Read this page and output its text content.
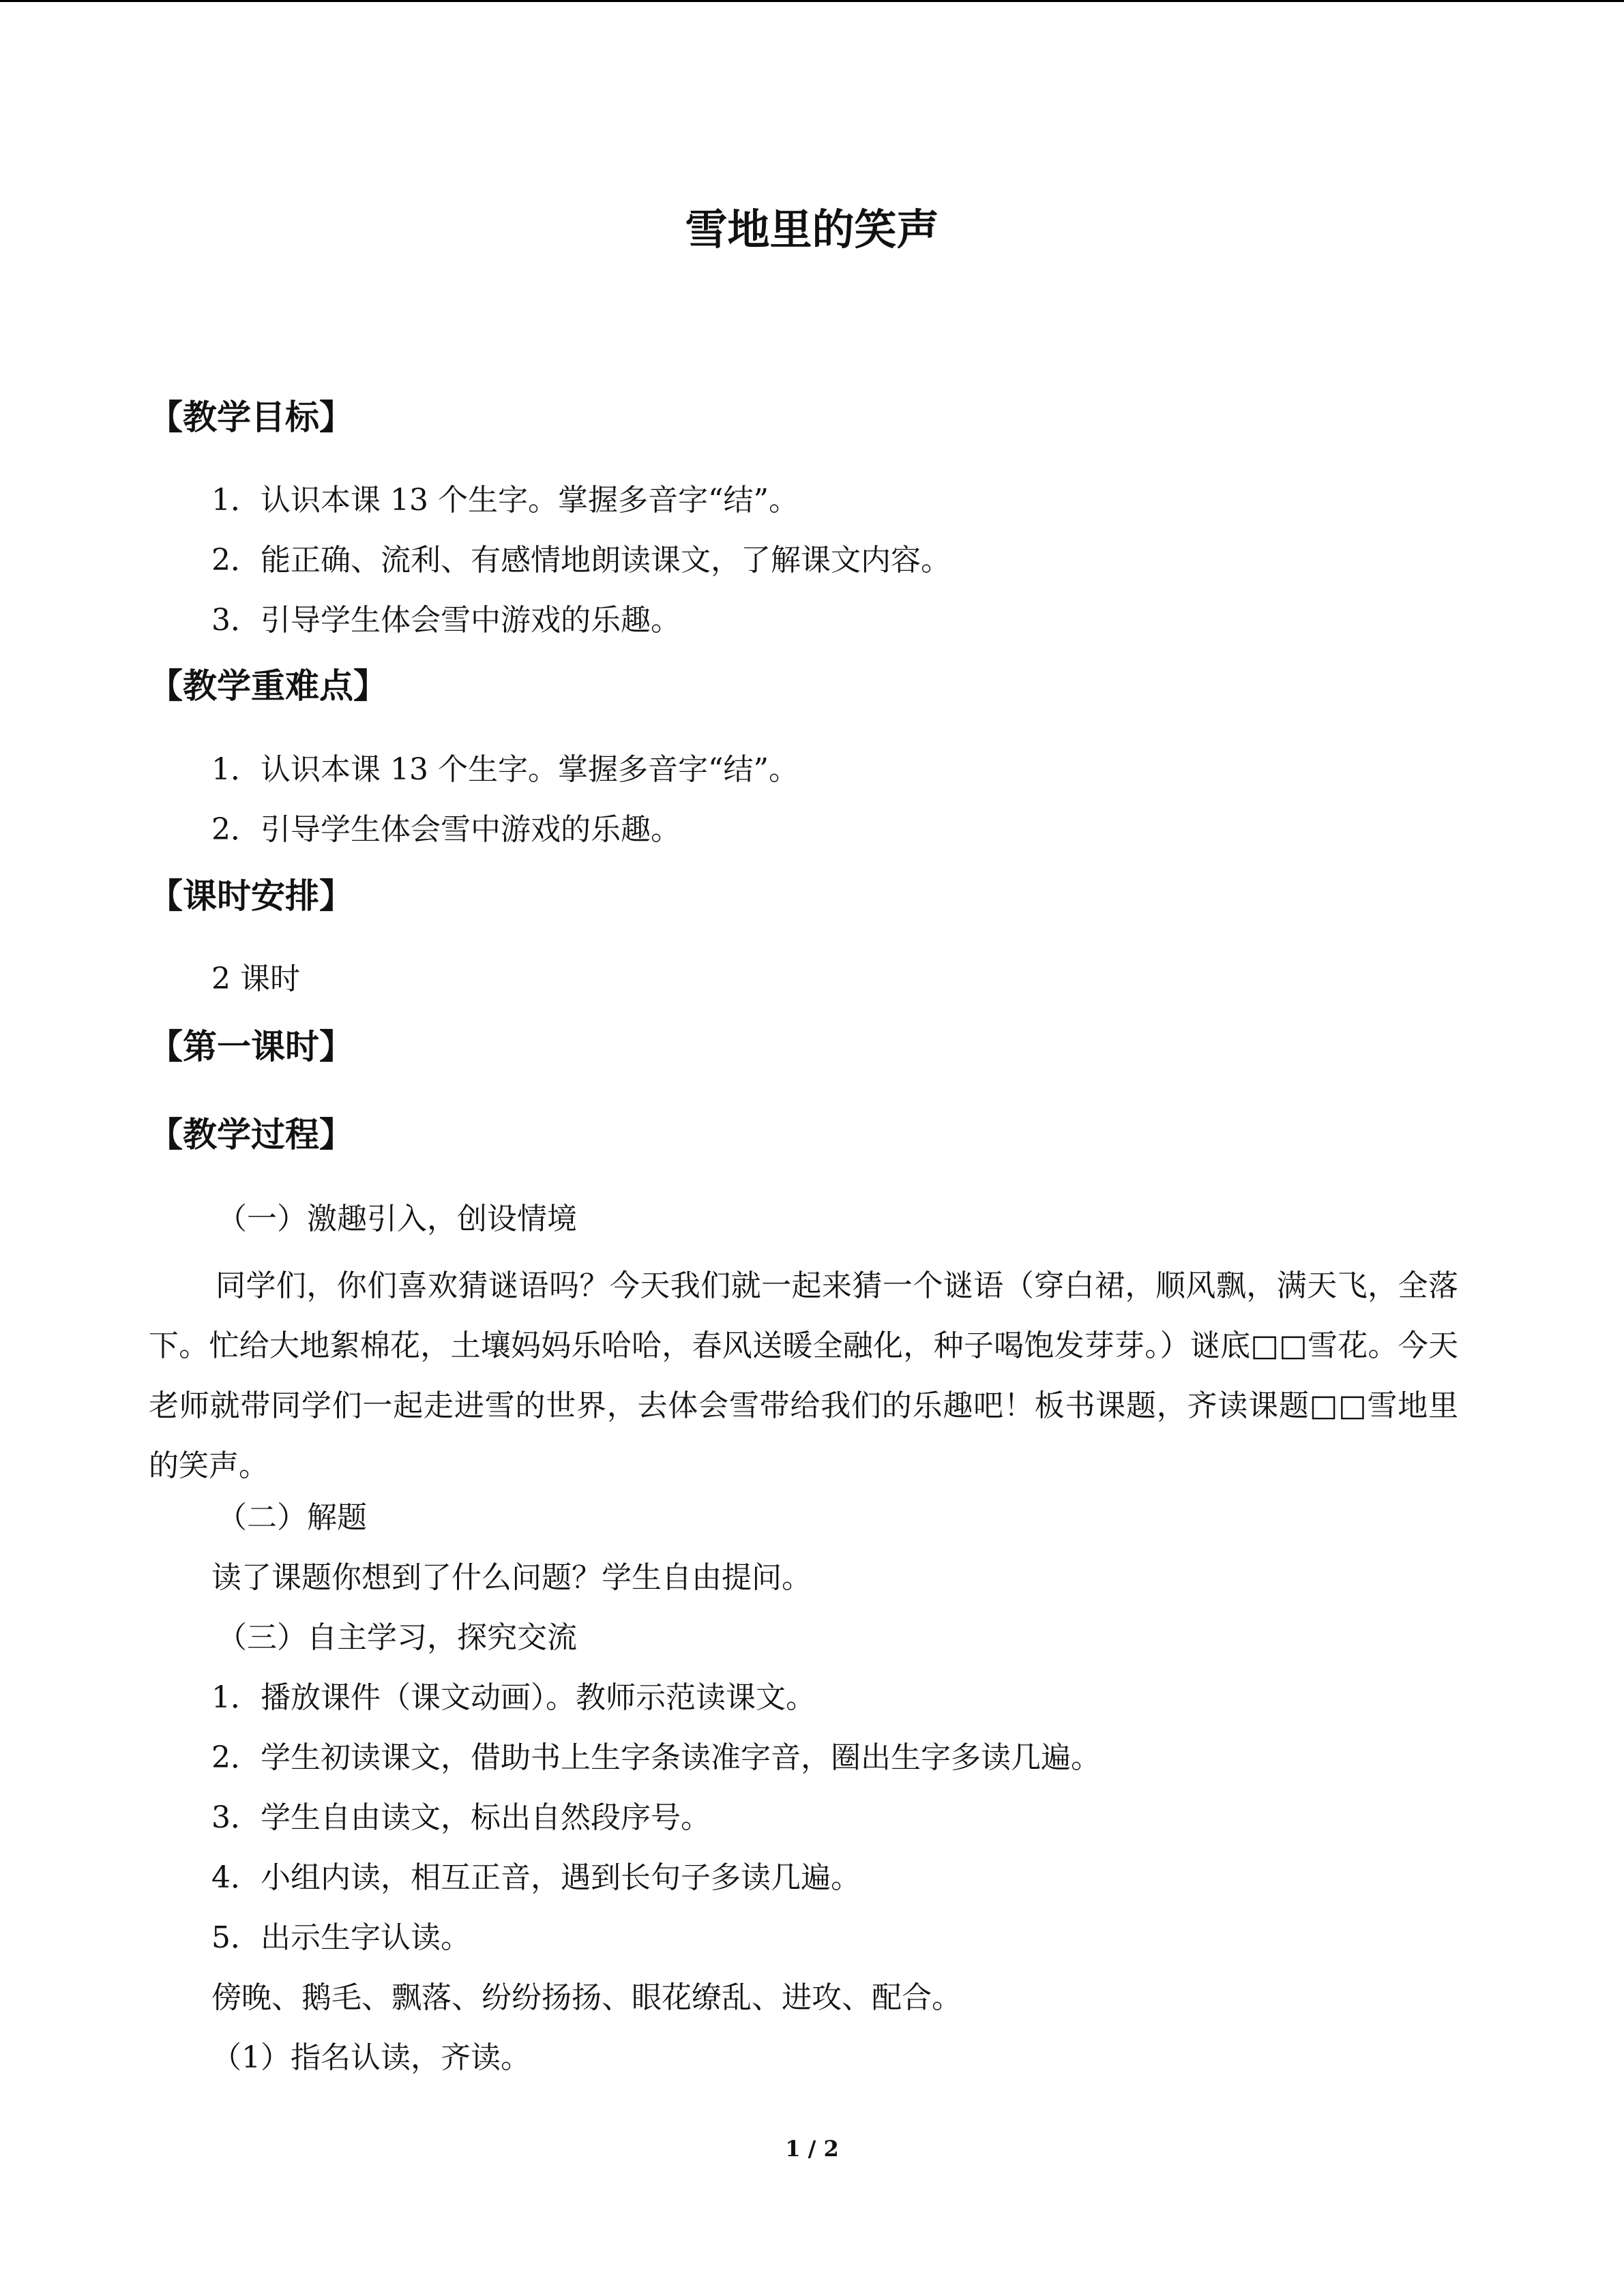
雪地里的笑声
【教学目标】

1．认识本课 13 个生字。掌握多音字“结”。

2．能正确、流利、有感情地朗读课文，了解课文内容。

3．引导学生体会雪中游戏的乐趣。

【教学重难点】

1．认识本课 13 个生字。掌握多音字“结”。

2．引导学生体会雪中游戏的乐趣。

【课时安排】

2 课时

【第一课时】
【教学过程】

（一）激趣引入，创设情境

同学们，你们喜欢猜谜语吗？今天我们就一起来猜一个谜语（穿白裙，顺风飘，满天飞，全落下。忙给大地絮棉花，土壤妈妈乐哈哈，春风送暖全融化，种子喝饱发芽芽。）谜底□□雪花。今天老师就带同学们一起走进雪的世界，去体会雪带给我们的乐趣吧！板书课题，齐读课题□□雪地里的笑声。

（二）解题

读了课题你想到了什么问题？学生自由提问。

（三）自主学习，探究交流

1．播放课件（课文动画）。教师示范读课文。

2．学生初读课文，借助书上生字条读准字音，圈出生字多读几遍。

3．学生自由读文，标出自然段序号。

4．小组内读，相互正音，遇到长句子多读几遍。

5．出示生字认读。

傍晚、鹅毛、飘落、纷纷扬扬、眼花缭乱、进攻、配合。

（1）指名认读，齐读。

1 / 2
